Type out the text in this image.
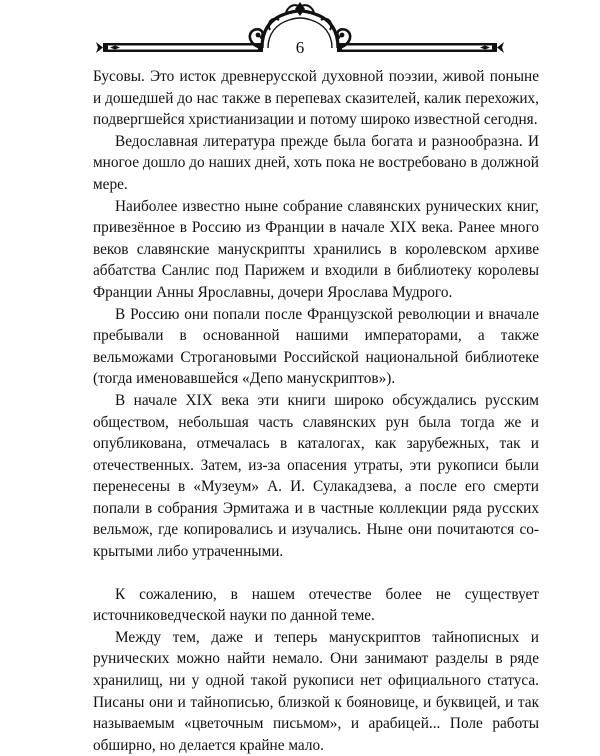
6

Бусовы. Это исток древнерусской духовной поэзии, живой поныне и дошедшей до нас также в перепевах сказителей, калик перехожих, подвергшейся христианизации и потому широко известной сегодня.

Ведославная литература прежде была богата и разнообразна. И многое дошло до наших дней, хоть пока не востребовано в должной мере.

Наиболее известно ныне собрание славянских рунических книг, привезённое в Россию из Франции в начале XIX века. Ранее много веков славянские манускрипты хранились в королевском архиве аббатства Санлис под Парижем и входили в библиотеку королевы Франции Анны Ярославны, дочери Ярослава Мудрого.

В Россию они попали после Французской революции и вначале пребывали в основанной нашими императорами, а также вельможами Строгановыми Российской национальной библиотеке (тогда именовавшейся «Депо манускриптов»).

В начале XIX века эти книги широко обсуждались русским обществом, небольшая часть славянских рун была тогда же и опубликована, отмечалась в каталогах, как зарубежных, так и отечественных. Затем, из-за опасения утраты, эти рукописи были перенесены в «Музеум» А. И. Сулакадзева, а после его смерти попали в собрания Эрмитажа и в частные коллекции ряда русских вельмож, где копировались и изучались. Ныне они почитаются сокрытыми либо утраченными.

К сожалению, в нашем отечестве более не существует источниковедческой науки по данной теме.

Между тем, даже и теперь манускриптов тайнописных и рунических можно найти немало. Они занимают разделы в ряде хранилищ, ни у одной такой рукописи нет официального статуса. Писаны они и тайнописью, близкой к бояновице, и буквицей, и так называемым «цветочным письмом», и арабицей... Поле работы обширно, но делается крайне мало.
